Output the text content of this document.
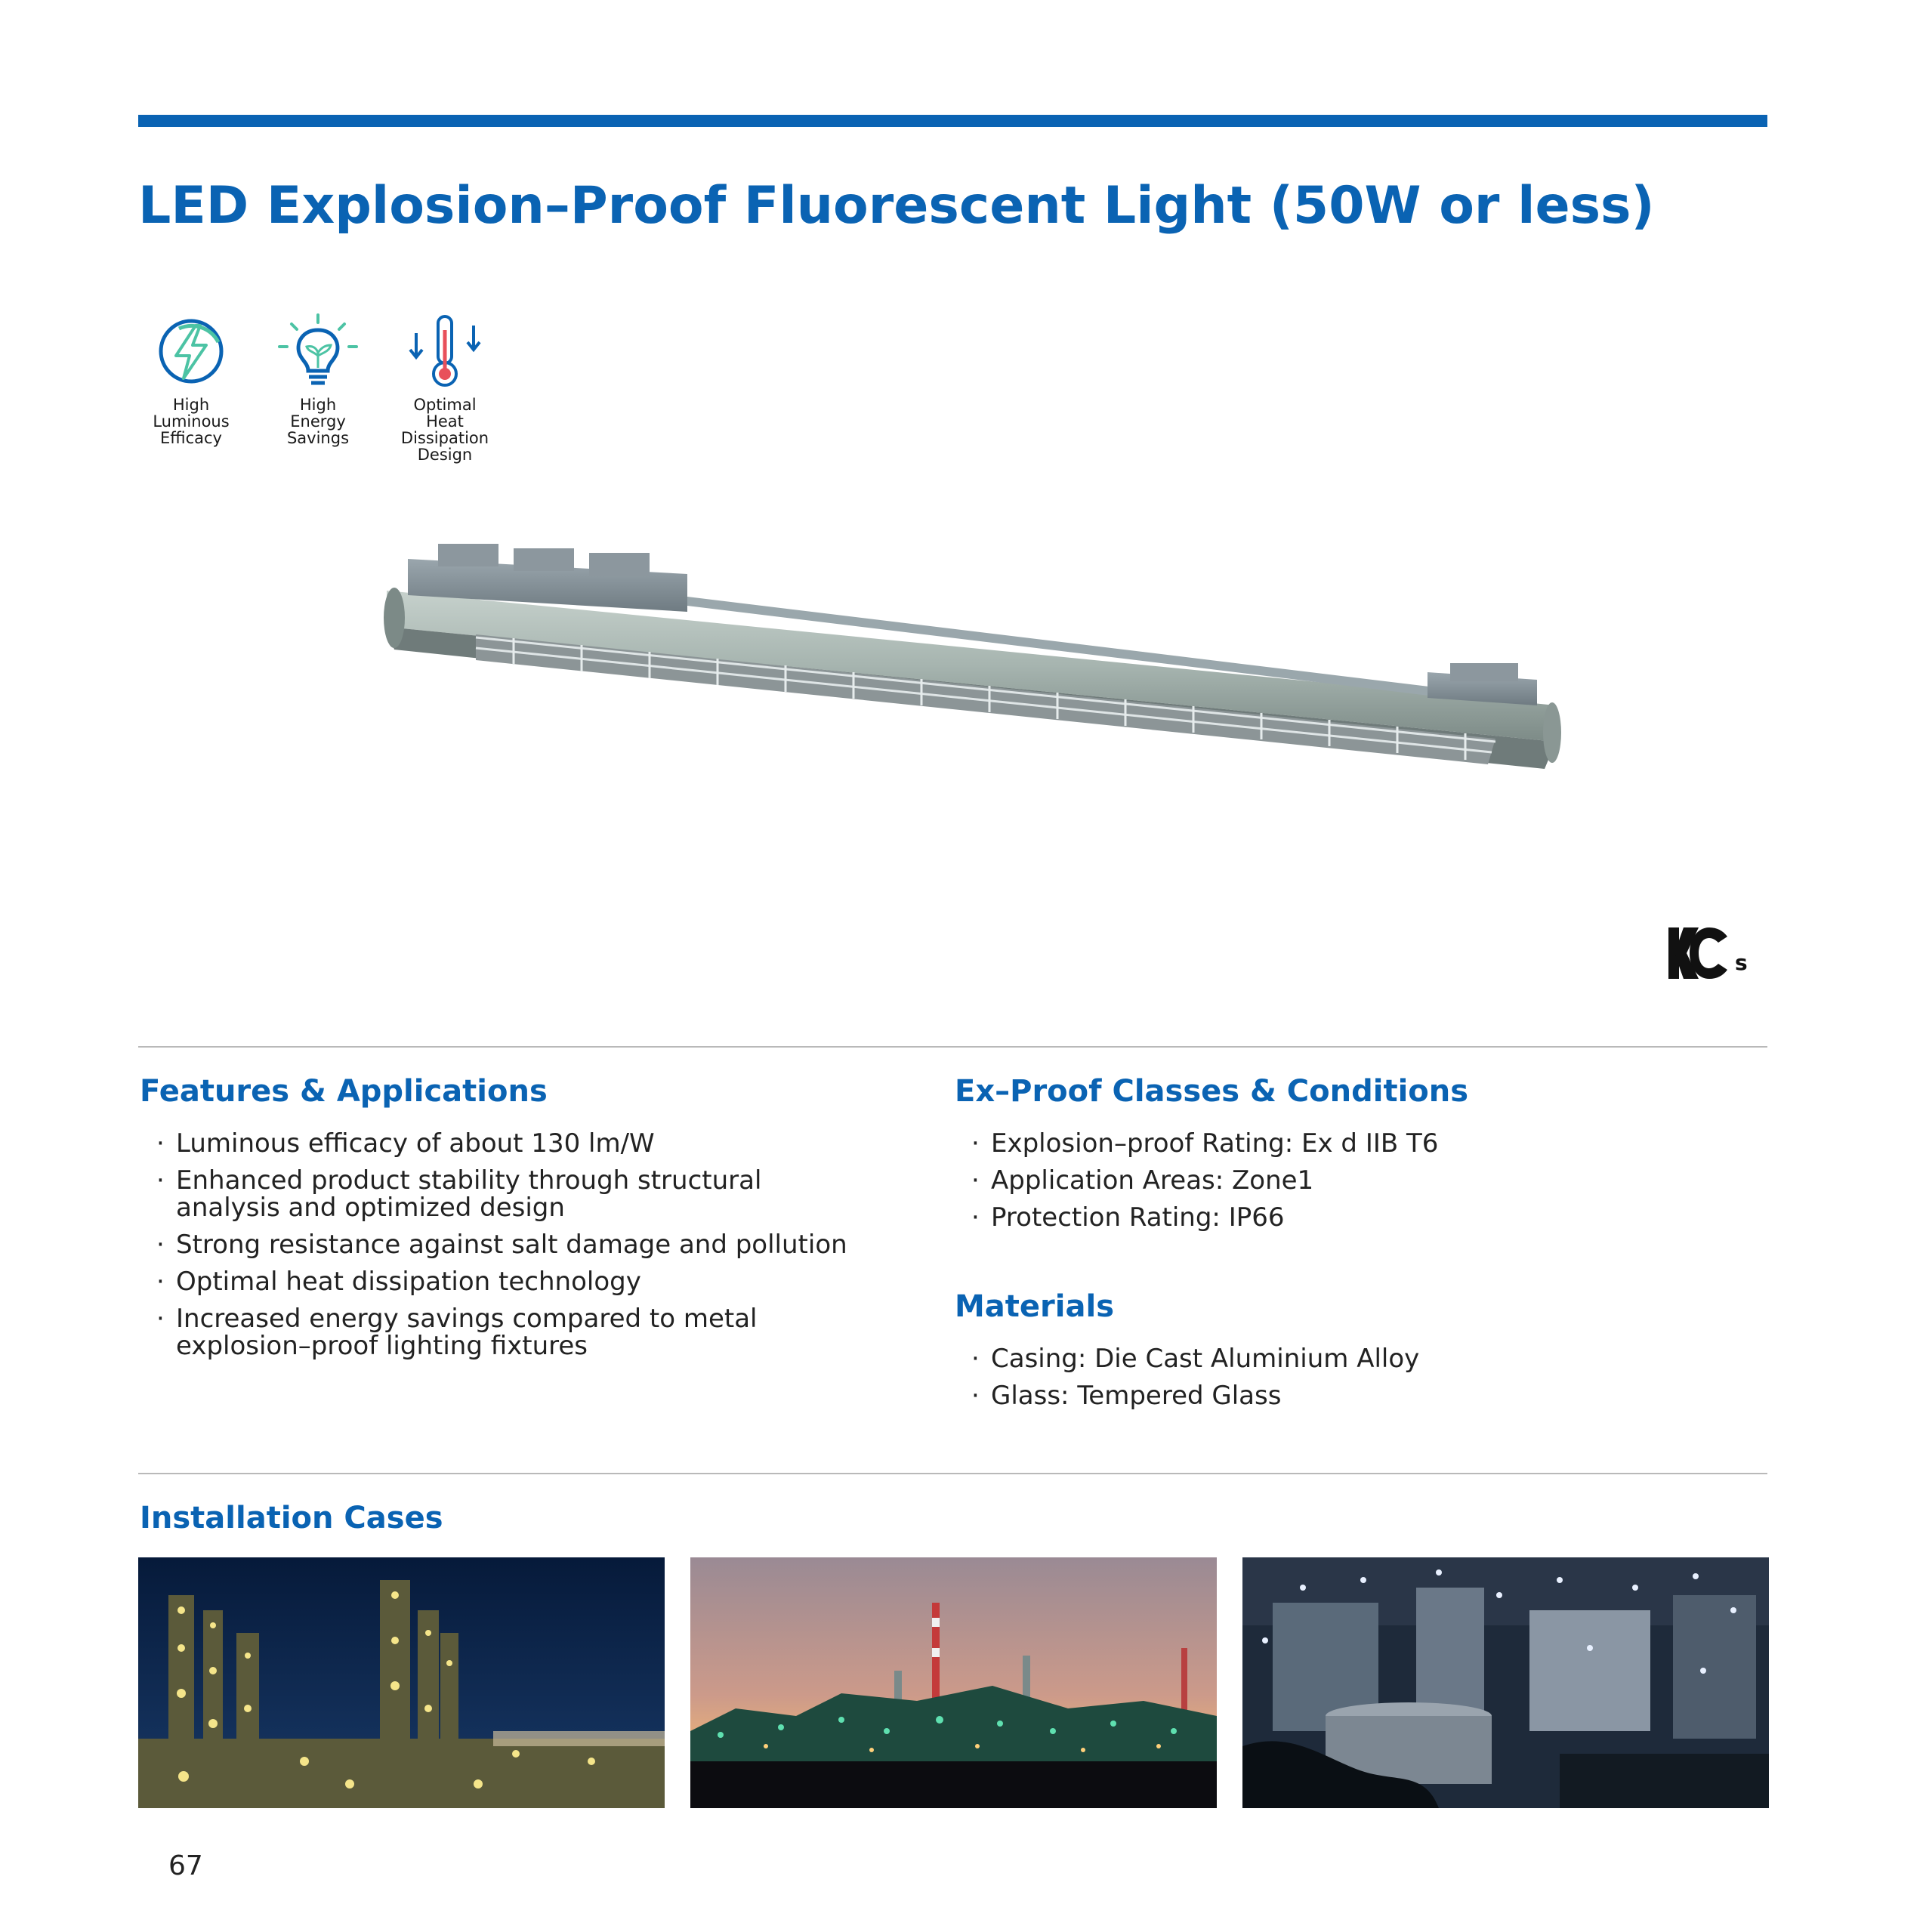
LED Explosion–Proof Fluorescent Light (50W or less)
High
Luminous
Efficacy
High
Energy
Savings
Optimal
Heat
Dissipation
Design
s
Features & Applications
· Luminous efficacy of about 130 lm/W
· Enhanced product stability through structural
analysis and optimized design
· Strong resistance against salt damage and pollution
· Optimal heat dissipation technology
· Increased energy savings compared to metal
explosion–proof lighting fixtures
Ex–Proof Classes & Conditions
· Explosion–proof Rating: Ex d IIB T6
· Application Areas: Zone1
· Protection Rating: IP66
Materials
· Casing: Die Cast Aluminium Alloy
· Glass: Tempered Glass
Installation Cases
67
